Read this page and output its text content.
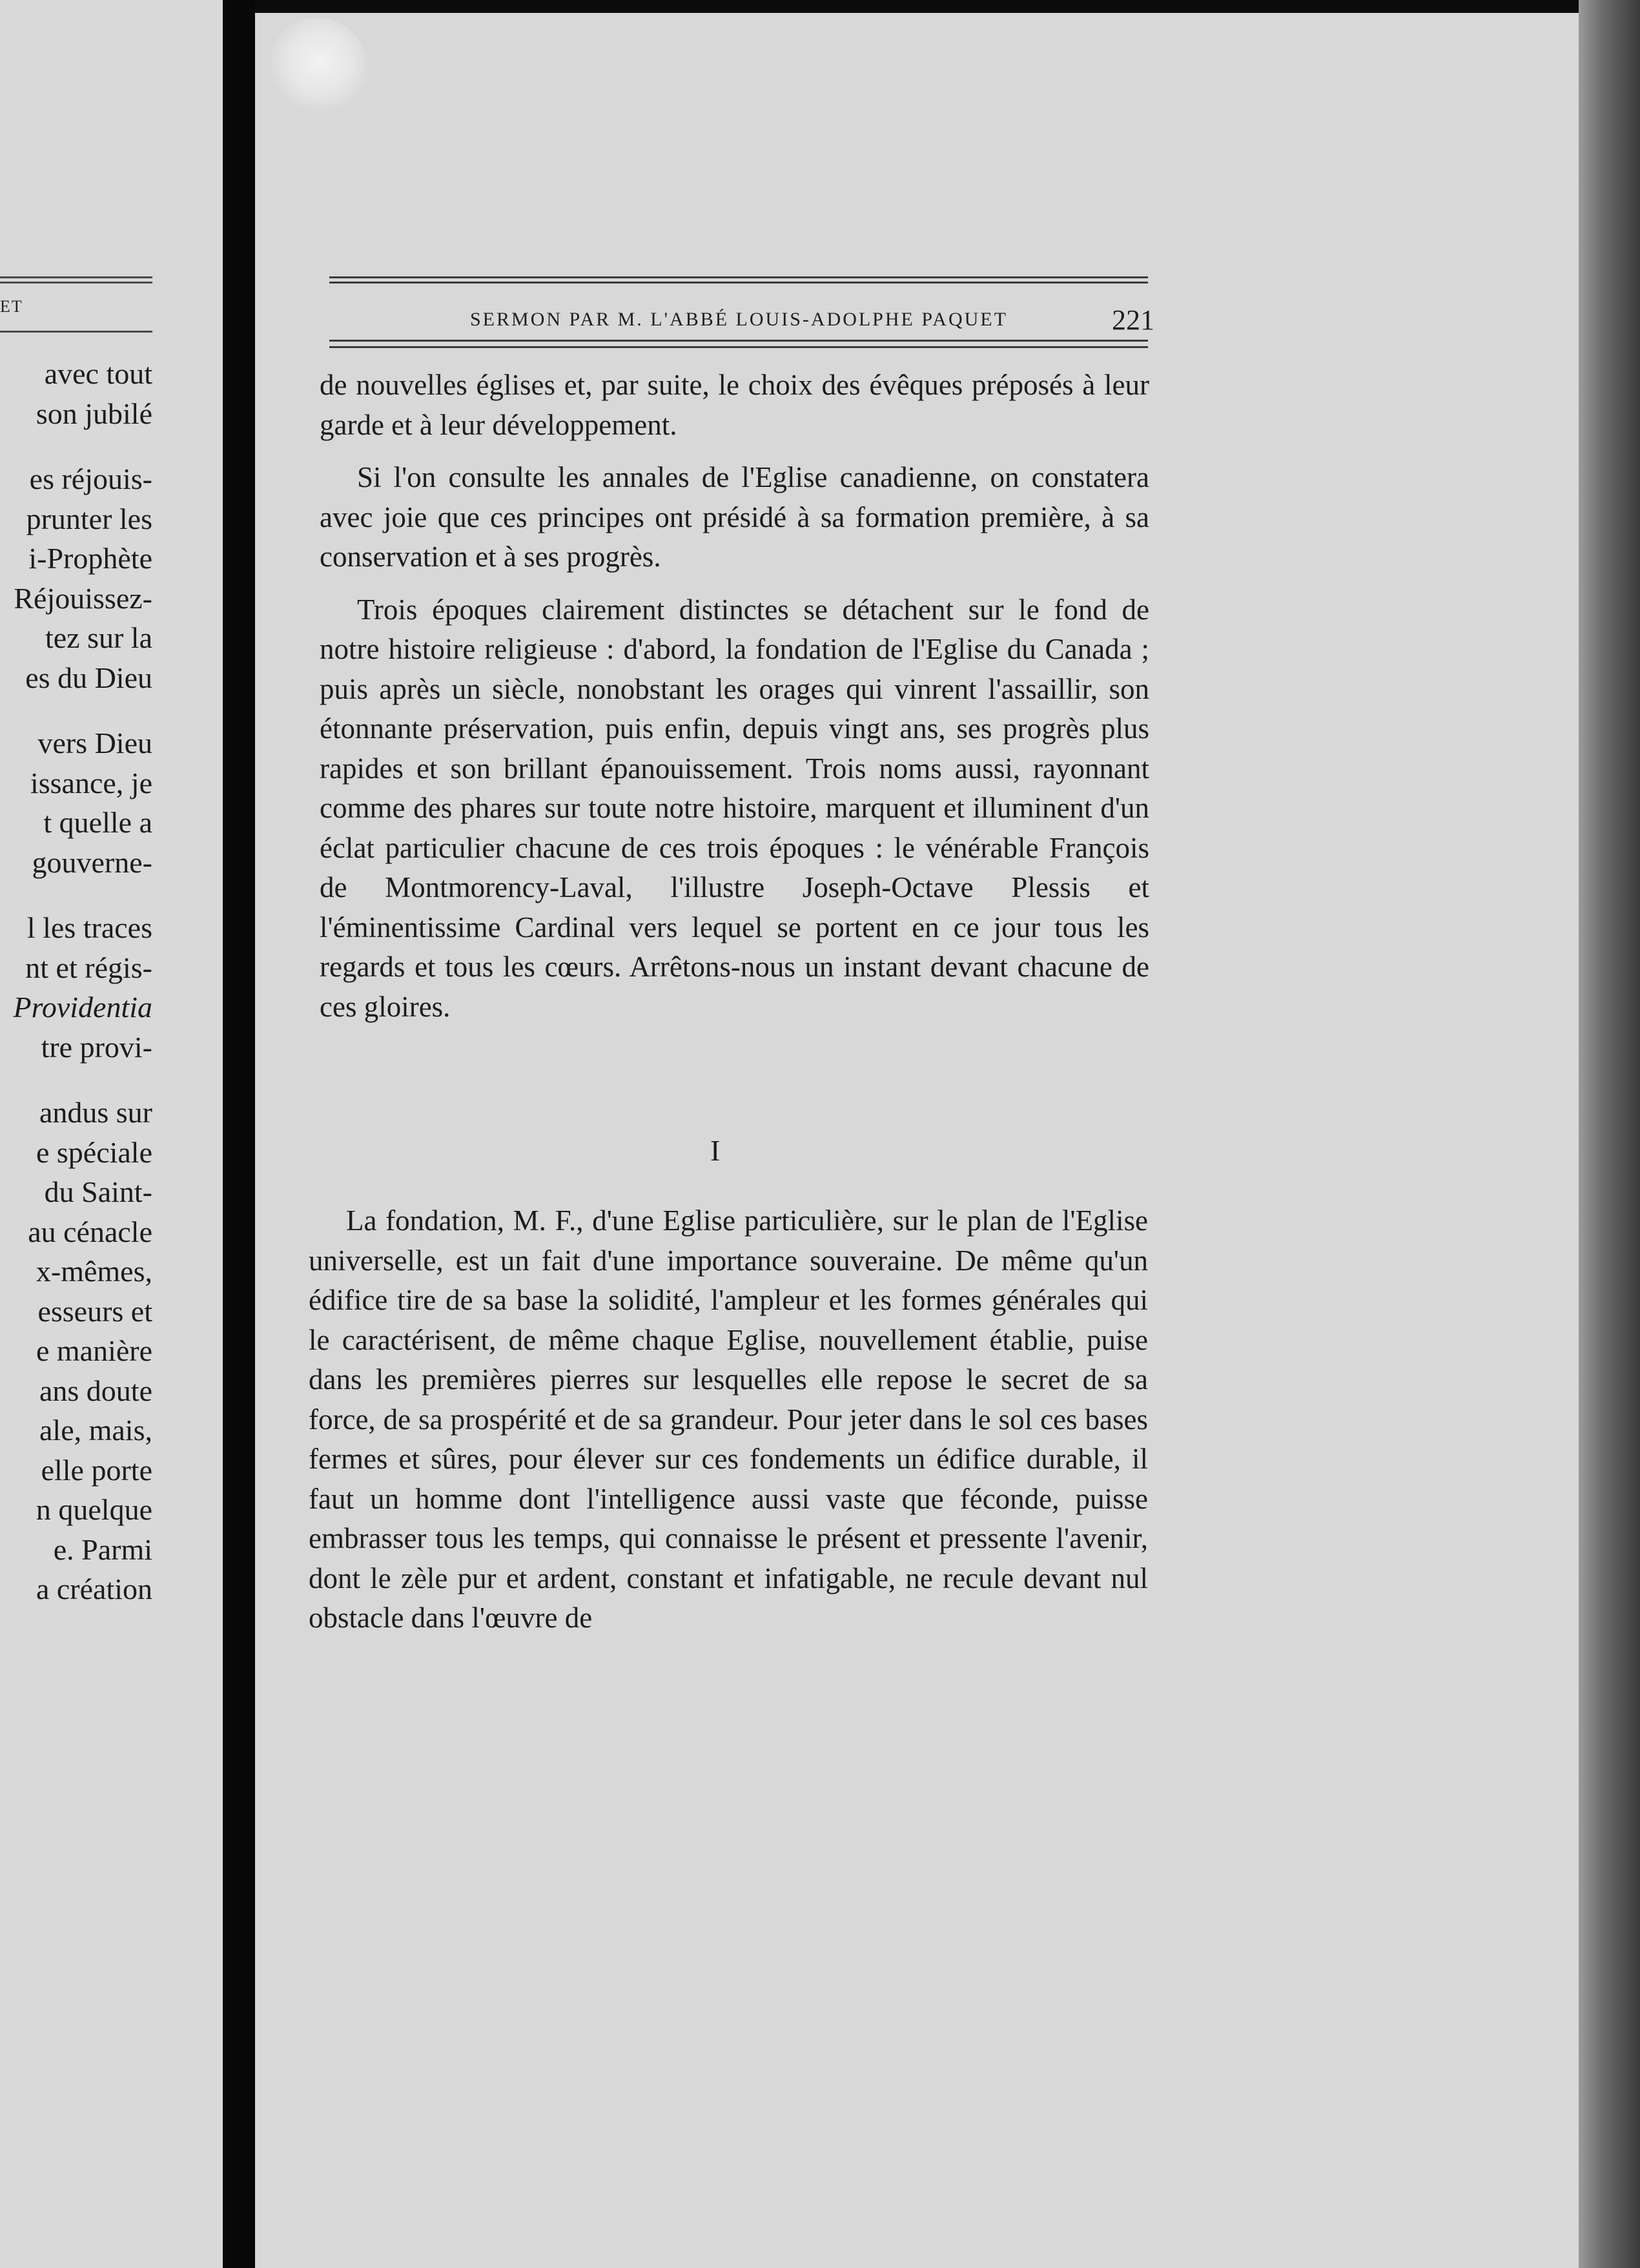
ET
avec tout
son jubilé
es réjouis-
prunter les
i-Prophète
Réjouissez-
tez sur la
es du Dieu
vers Dieu
issance, je
t quelle a
gouverne-
l les traces
nt et régis-
Providentia
tre provi-
andus sur
e spéciale
du Saint-
au cénacle
x-mêmes,
esseurs et
e manière
ans doute
ale, mais,
elle porte
n quelque
e. Parmi
a création
SERMON PAR M. L'ABBÉ LOUIS-ADOLPHE PAQUET	221

de nouvelles églises et, par suite, le choix des évêques préposés à leur garde et à leur développement.

Si l'on consulte les annales de l'Eglise canadienne, on constatera avec joie que ces principes ont présidé à sa formation première, à sa conservation et à ses progrès.

Trois époques clairement distinctes se détachent sur le fond de notre histoire religieuse : d'abord, la fondation de l'Eglise du Canada ; puis après un siècle, nonobstant les orages qui vinrent l'assaillir, son étonnante préservation, puis enfin, depuis vingt ans, ses progrès plus rapides et son brillant épanouissement. Trois noms aussi, rayonnant comme des phares sur toute notre histoire, marquent et illuminent d'un éclat particulier chacune de ces trois époques : le vénérable François de Montmorency-Laval, l'illustre Joseph-Octave Plessis et l'éminentissime Cardinal vers lequel se portent en ce jour tous les regards et tous les cœurs. Arrêtons-nous un instant devant chacune de ces gloires.

I

La fondation, M. F., d'une Eglise particulière, sur le plan de l'Eglise universelle, est un fait d'une importance souveraine. De même qu'un édifice tire de sa base la solidité, l'ampleur et les formes générales qui le caractérisent, de même chaque Eglise, nouvellement établie, puise dans les premières pierres sur lesquelles elle repose le secret de sa force, de sa prospérité et de sa grandeur. Pour jeter dans le sol ces bases fermes et sûres, pour élever sur ces fondements un édifice durable, il faut un homme dont l'intelligence aussi vaste que féconde, puisse embrasser tous les temps, qui connaisse le présent et pressente l'avenir, dont le zèle pur et ardent, constant et infatigable, ne recule devant nul obstacle dans l'œuvre de
